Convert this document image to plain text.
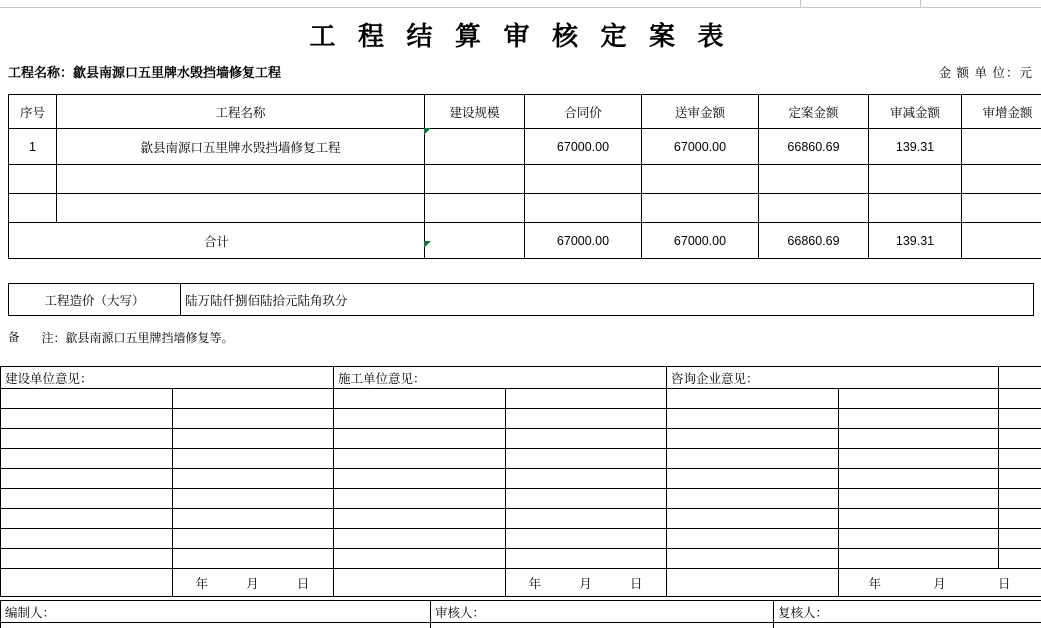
工 程 结 算 审 核 定 案 表
工程名称：歙县南源口五里牌水毁挡墙修复工程	金 额 单 位：元
序号	工程名称	建设规模	合同价	送审金额	定案金额	审减金额	审增金额
1	歙县南源口五里牌水毁挡墙修复工程		67000.00	67000.00	66860.69	139.31	

合计			67000.00	67000.00	66860.69	139.31	
工程造价（大写）	陆万陆仟捌佰陆拾元陆角玖分
备 注：歙县南源口五里牌挡墙修复等。
建设单位意见：		施工单位意见：		咨询企业意见：		

	年 月 日		年 月 日		年 月 日	
编制人：	审核人：	复核人：
